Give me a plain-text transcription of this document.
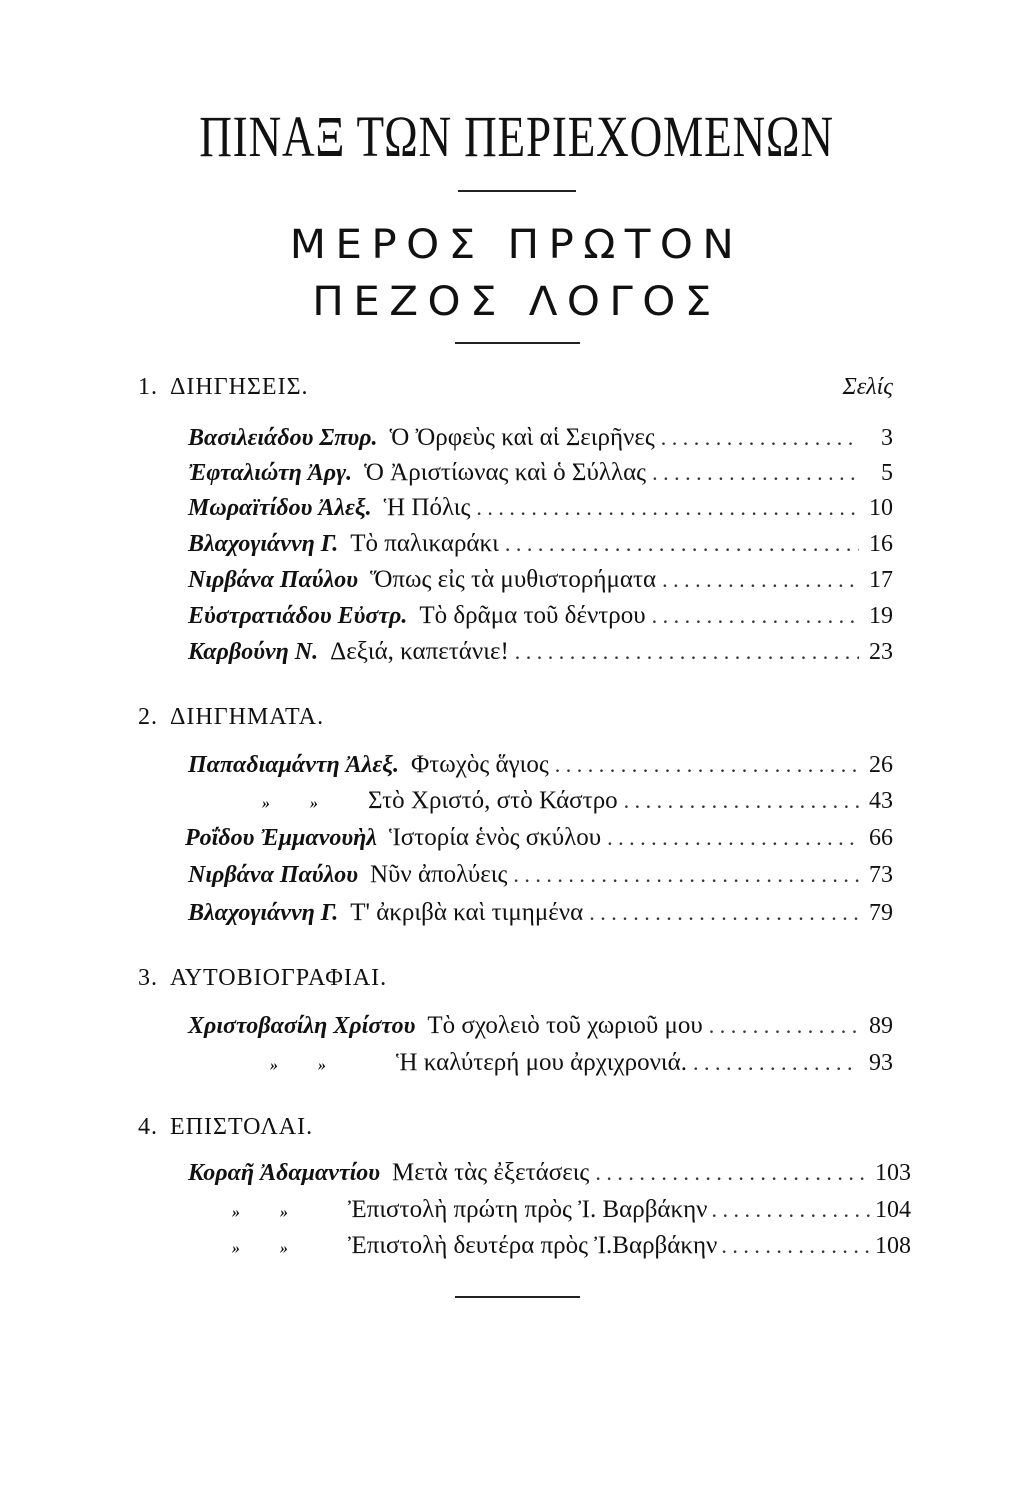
ΠΙΝΑΞ ΤΩΝ ΠΕΡΙΕΧΟΜΕΝΩΝ
ΜΕΡΟΣ ΠΡΩΤΟΝ
ΠΕΖΟΣ ΛΟΓΟΣ
1. ΔΙΗΓΗΣΕΙΣ.	Σελίς
Βασιλειάδου Σπυρ. Ὁ Ὀρφεὺς καὶ αἱ Σειρῆνες . . .	3
Ἐφταλιώτη Ἀργ. Ὁ Ἀριστίωνας καὶ ὁ Σύλλας . . .	5
Μωραϊτίδου Ἀλεξ. Ἡ Πόλις . . .	10
Βλαχογιάννη Γ. Τὸ παλικαράκι . . .	16
Νιρβάνα Παύλου Ὅπως εἰς τὰ μυθιστορήματα . . .	17
Εὐστρατιάδου Εὐστρ. Τὸ δρᾶμα τοῦ δέντρου . . .	19
Καρβούνη Ν. Δεξιά, καπετάνιε! . . .	23
2. ΔΙΗΓΗΜΑΤΑ.
Παπαδιαμάντη Ἀλεξ. Φτωχὸς ἅγιος . . .	26
»          » Στὸ Χριστό, στὸ Κάστρο . . .	43
Ροΐδου Ἐμμανουὴλ Ἱστορία ἑνὸς σκύλου . . .	66
Νιρβάνα Παύλου Νῦν ἀπολύεις . . .	73
Βλαχογιάννη Γ. Τ' ἀκριβὰ καὶ τιμημένα . . .	79
3. ΑΥΤΟΒΙΟΓΡΑΦΙΑΙ.
Χριστοβασίλη Χρίστου Τὸ σχολειὸ τοῦ χωριοῦ μου . . .	89
»          »	Ἡ καλύτερή μου ἀρχιχρονιά. . . .	93
4. ΕΠΙΣΤΟΛΑΙ.
Κοραῆ Ἀδαμαντίου Μετὰ τὰς ἐξετάσεις . . .	103
»          » Ἐπιστολὴ πρώτη πρὸς Ἰ. Βαρβάκην . . .	104
»          » Ἐπιστολὴ δευτέρα πρὸς Ἰ.Βαρβάκην . . .	108
